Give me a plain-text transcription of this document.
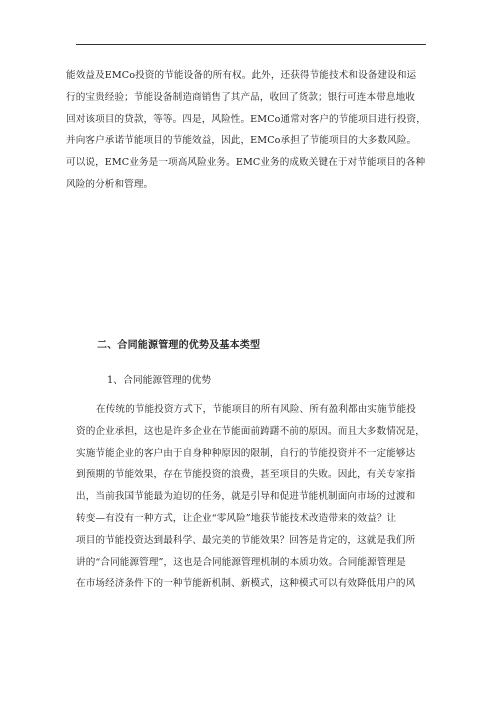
能效益及EMCo投资的节能设备的所有权。此外，还获得节能技术和设备建设和运
行的宝贵经验；节能设备制造商销售了其产品，收回了货款；银行可连本带息地收
回对该项目的贷款，等等。四是，风险性。EMCo通常对客户的节能项目进行投资，
并向客户承诺节能项目的节能效益，因此，EMCo承担了节能项目的大多数风险。
可以说，EMC业务是一项高风险业务。EMC业务的成败关键在于对节能项目的各种
风险的分析和管理。
二、合同能源管理的优势及基本类型
1、合同能源管理的优势
在传统的节能投资方式下，节能项目的所有风险、所有盈利都由实施节能投
资的企业承担，这也是许多企业在节能面前踌躇不前的原因。而且大多数情况是，
实施节能企业的客户由于自身种种原因的限制，自行的节能投资并不一定能够达
到预期的节能效果，存在节能投资的浪费，甚至项目的失败。因此，有关专家指
出，当前我国节能最为迫切的任务，就是引导和促进节能机制面向市场的过渡和
转变—有没有一种方式，让企业“零风险”地获节能技术改造带来的效益？让
项目的节能投资达到最科学、最完美的节能效果？回答是肯定的，这就是我们所
讲的“合同能源管理”，这也是合同能源管理机制的本质功效。合同能源管理是
在市场经济条件下的一种节能新机制、新模式，这种模式可以有效降低用户的风
